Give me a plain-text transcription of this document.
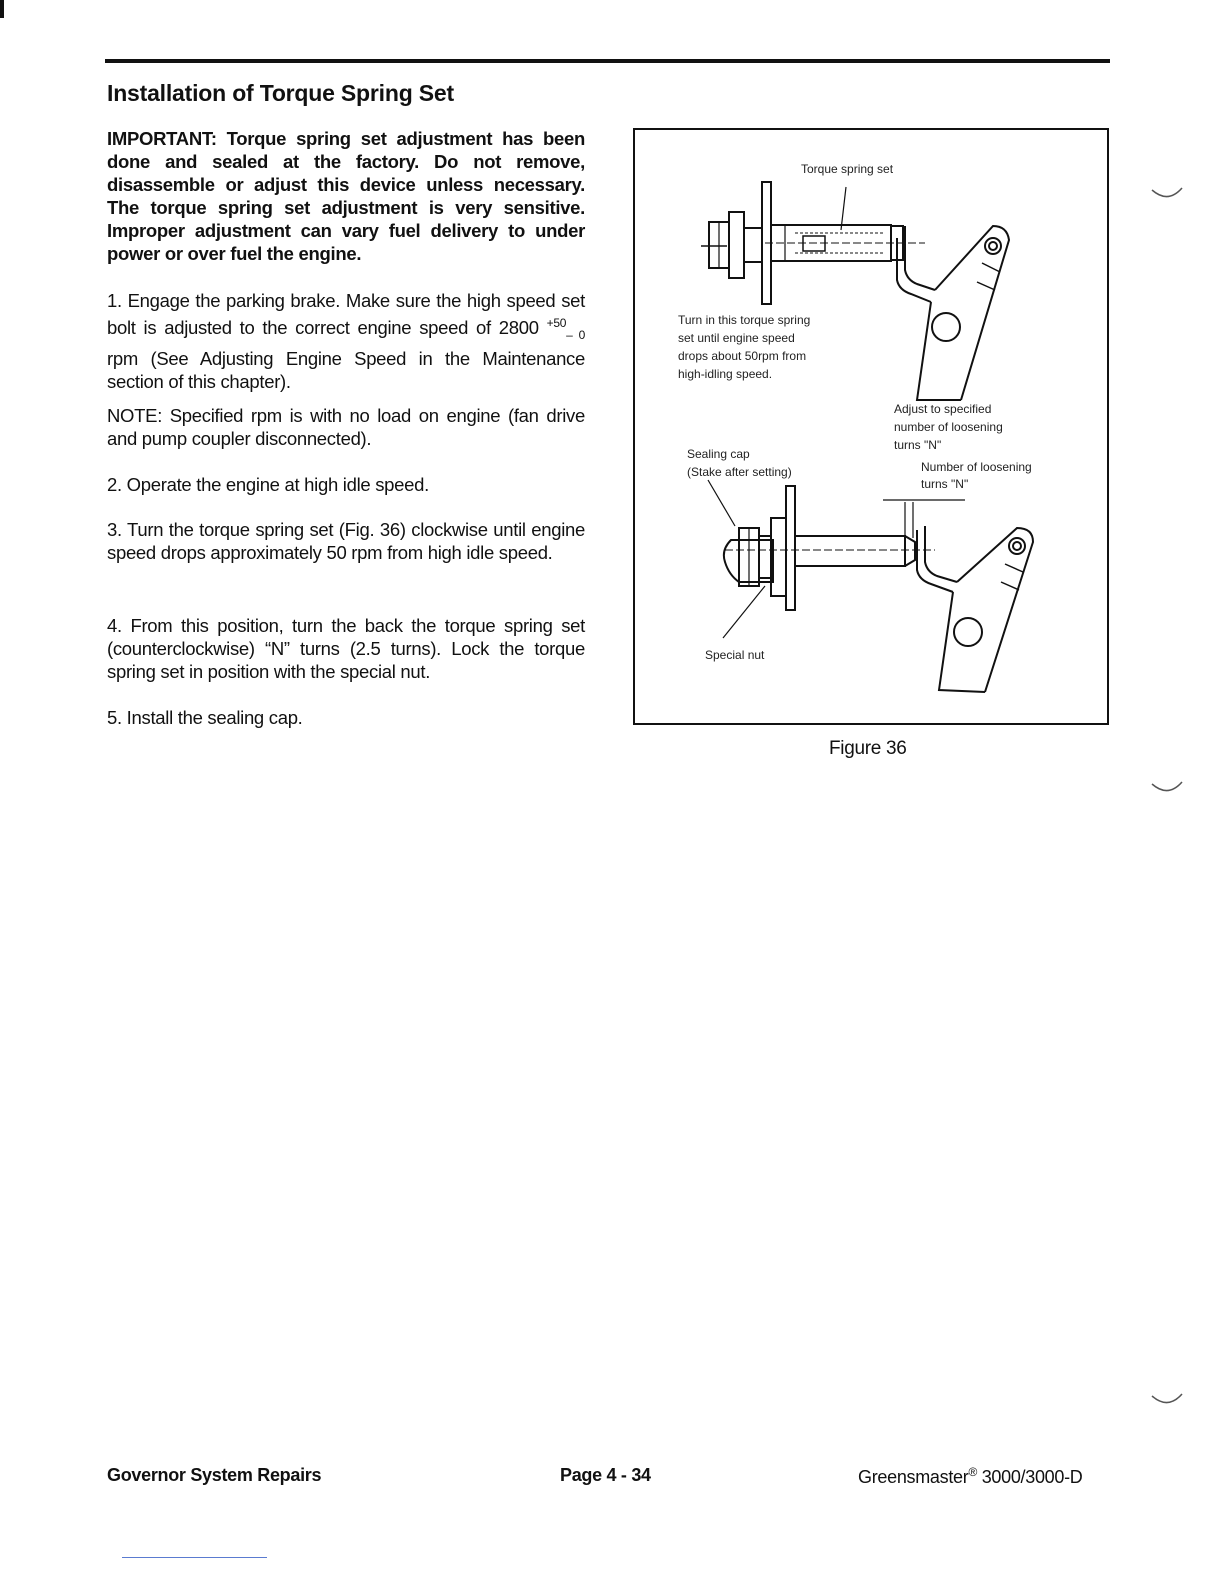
Installation of Torque Spring Set

IMPORTANT: Torque spring set adjustment has been done and sealed at the factory. Do not remove, disassemble or adjust this device unless necessary. The torque spring set adjustment is very sensitive. Improper adjustment can vary fuel delivery to under power or over fuel the engine.

1. Engage the parking brake. Make sure the high speed set bolt is adjusted to the correct engine speed of 2800 $^{+50}_{- 0}$ rpm (See Adjusting Engine Speed in the Maintenance section of this chapter).

NOTE: Specified rpm is with no load on engine (fan drive and pump coupler disconnected).

2. Operate the engine at high idle speed.

3. Turn the torque spring set (Fig. 36) clockwise until engine speed drops approximately 50 rpm from high idle speed.

4. From this position, turn the back the torque spring set (counterclockwise) “N” turns (2.5 turns). Lock the torque spring set in position with the special nut.

5. Install the sealing cap.

Torque spring set

Turn in this torque spring

set until engine speed

drops about 50rpm from

high-idling speed.

Adjust to specified

number of loosening

turns "N"

Sealing cap

(Stake after setting)	Number of loosening

turns "N"

Special nut

Figure 36

Governor System Repairs	Page 4 - 34	Greensmaster® 3000/3000-D
